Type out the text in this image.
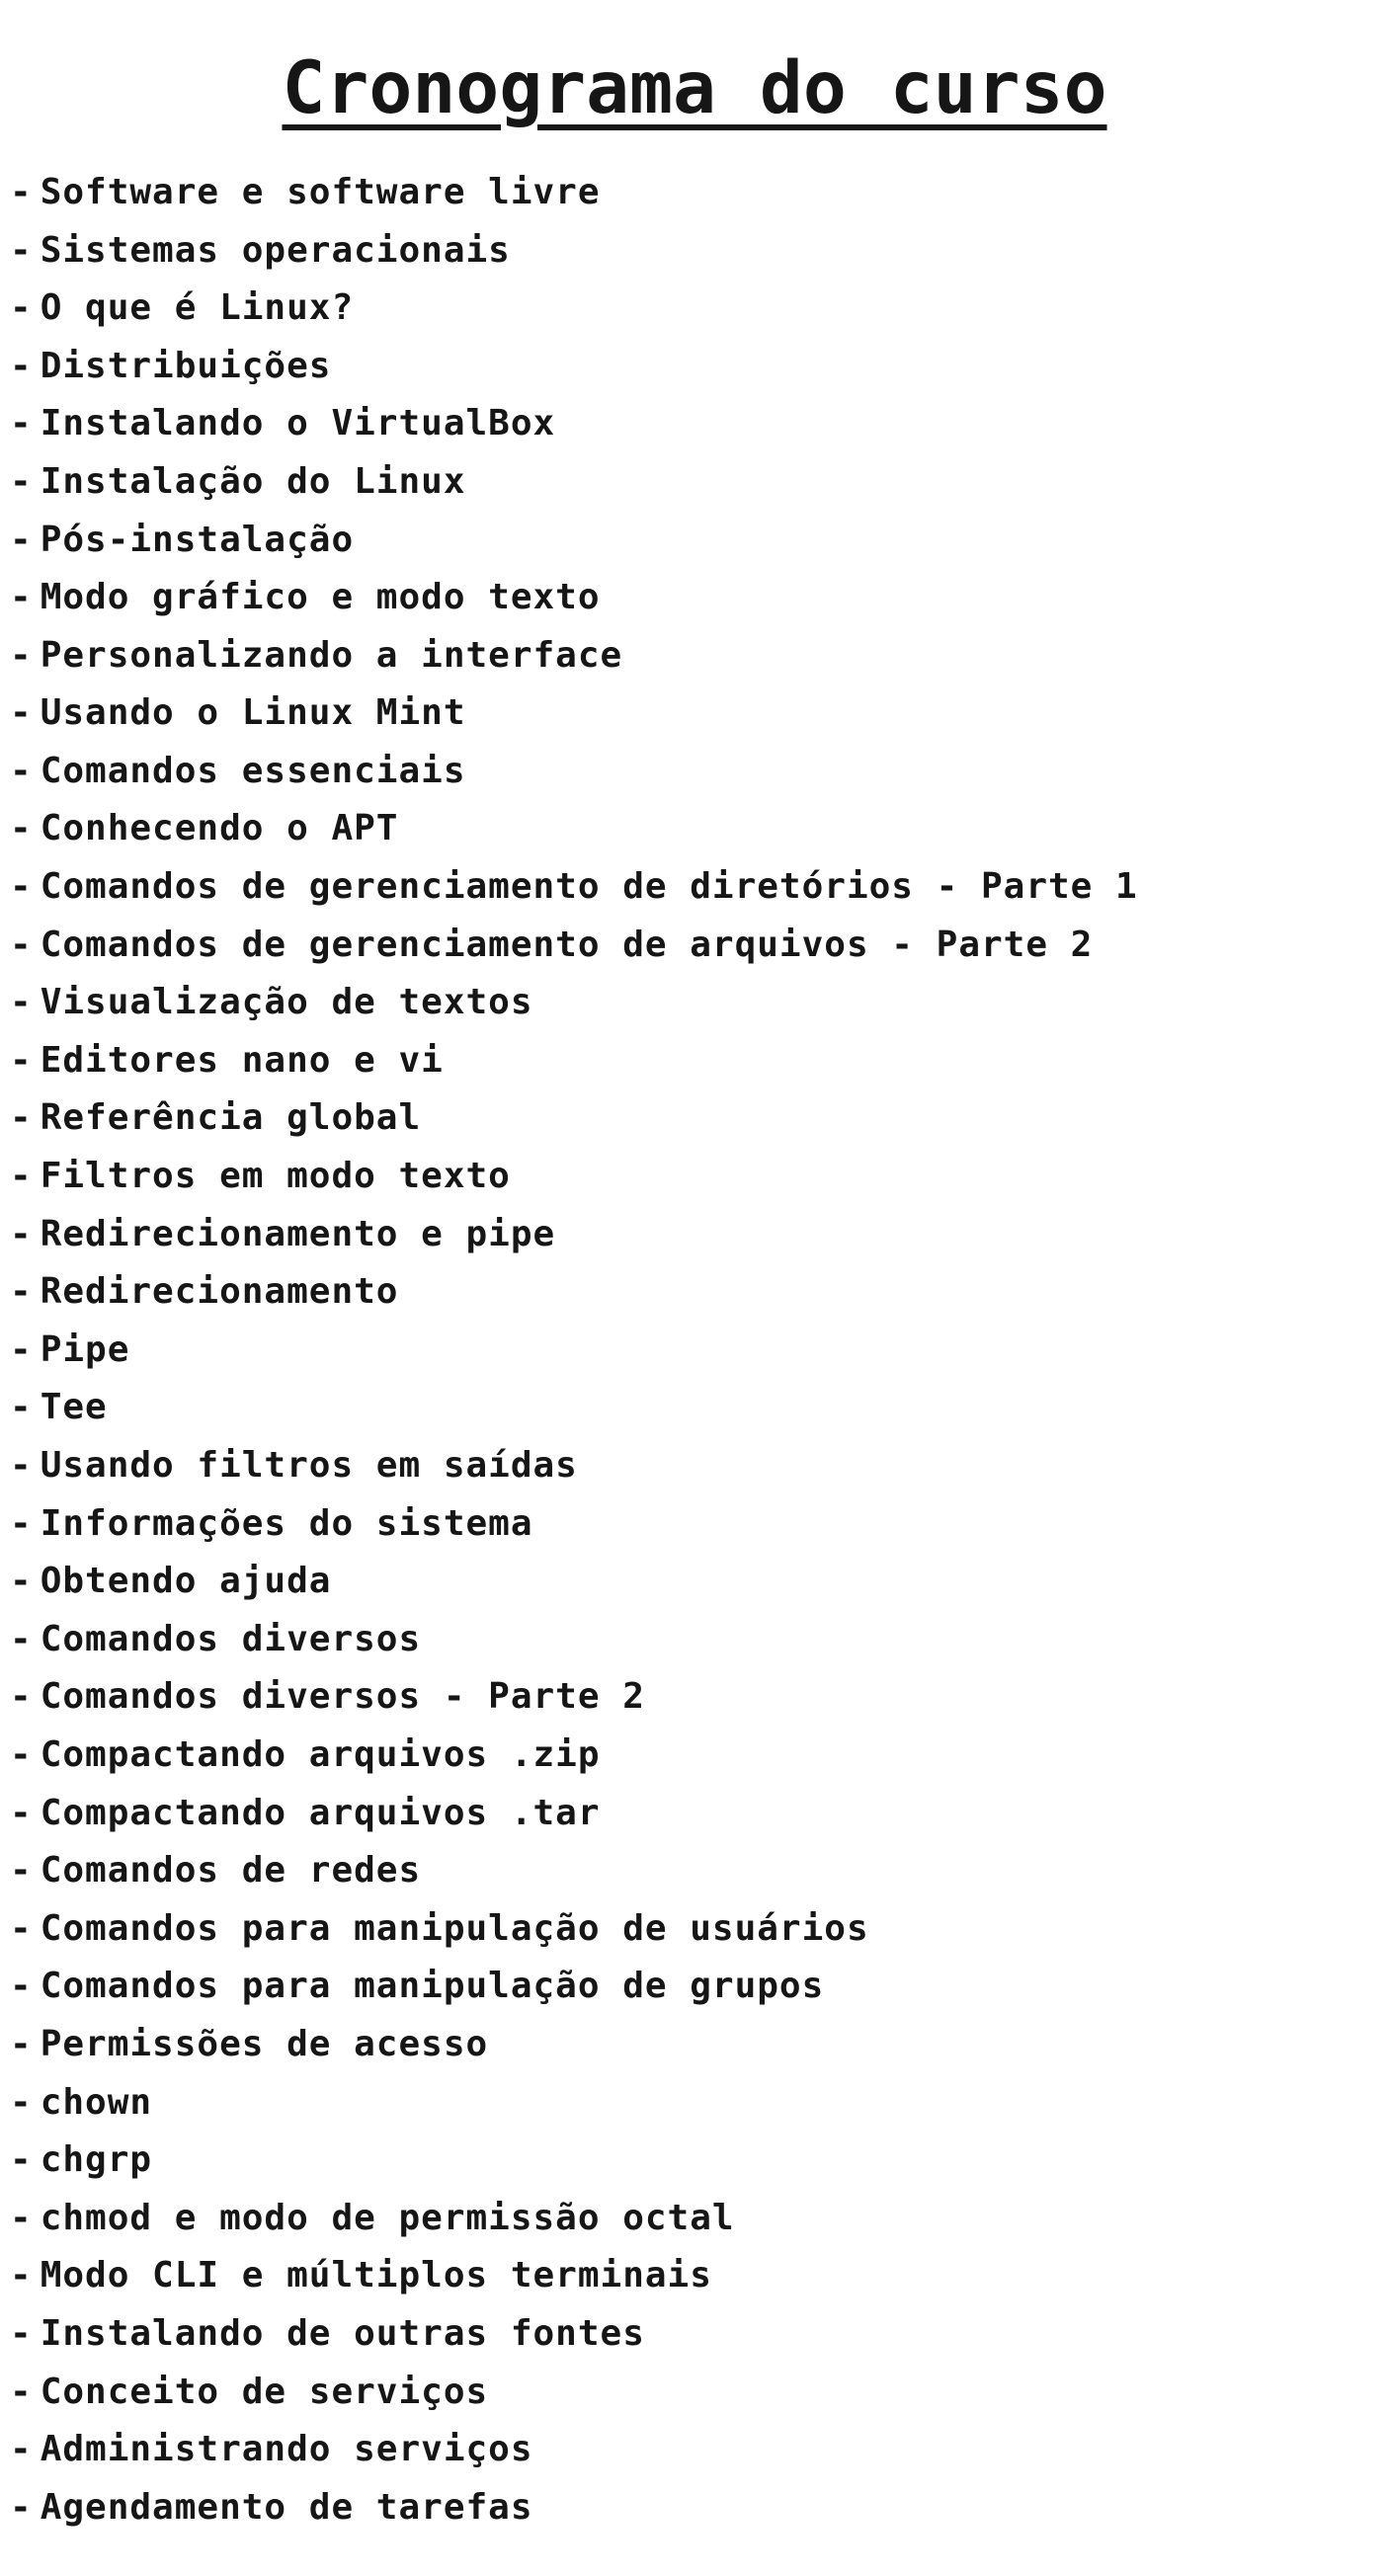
Cronograma do curso
- Software e software livre
- Sistemas operacionais
- O que é Linux?
- Distribuições
- Instalando o VirtualBox
- Instalação do Linux
- Pós-instalação
- Modo gráfico e modo texto
- Personalizando a interface
- Usando o Linux Mint
- Comandos essenciais
- Conhecendo o APT
- Comandos de gerenciamento de diretórios - Parte 1
- Comandos de gerenciamento de arquivos - Parte 2
- Visualização de textos
- Editores nano e vi
- Referência global
- Filtros em modo texto
- Redirecionamento e pipe
- Redirecionamento
- Pipe
- Tee
- Usando filtros em saídas
- Informações do sistema
- Obtendo ajuda
- Comandos diversos
- Comandos diversos - Parte 2
- Compactando arquivos .zip
- Compactando arquivos .tar
- Comandos de redes
- Comandos para manipulação de usuários
- Comandos para manipulação de grupos
- Permissões de acesso
- chown
- chgrp
- chmod e modo de permissão octal
- Modo CLI e múltiplos terminais
- Instalando de outras fontes
- Conceito de serviços
- Administrando serviços
- Agendamento de tarefas
